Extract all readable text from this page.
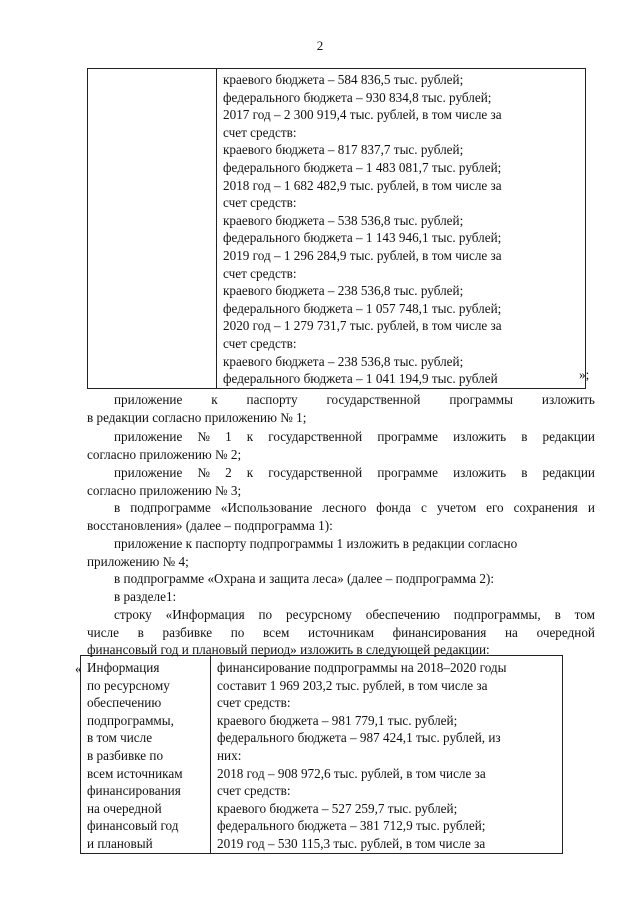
2

краевого бюджета – 584 836,5 тыс. рублей;
федерального бюджета – 930 834,8 тыс. рублей;
2017 год – 2 300 919,4 тыс. рублей, в том числе за
счет средств:
краевого бюджета – 817 837,7 тыс. рублей;
федерального бюджета – 1 483 081,7 тыс. рублей;
2018 год – 1 682 482,9 тыс. рублей, в том числе за
счет средств:
краевого бюджета – 538 536,8 тыс. рублей;
федерального бюджета – 1 143 946,1 тыс. рублей;
2019 год – 1 296 284,9 тыс. рублей, в том числе за
счет средств:
краевого бюджета – 238 536,8 тыс. рублей;
федерального бюджета – 1 057 748,1 тыс. рублей;
2020 год – 1 279 731,7 тыс. рублей, в том числе за
счет средств:
краевого бюджета – 238 536,8 тыс. рублей;
федерального бюджета – 1 041 194,9 тыс. рублей	»;
приложение к паспорту государственной программы изложить
в редакции согласно приложению № 1;
приложение № 1 к государственной программе изложить в редакции
согласно приложению № 2;
приложение № 2 к государственной программе изложить в редакции
согласно приложению № 3;
в подпрограмме «Использование лесного фонда с учетом его сохранения и
восстановления» (далее – подпрограмма 1):
приложение к паспорту подпрограммы 1 изложить в редакции согласно
приложению № 4;
в подпрограмме «Охрана и защита леса» (далее – подпрограмма 2):
в разделе1:
строку «Информация по ресурсному обеспечению подпрограммы, в том
числе в разбивке по всем источникам финансирования на очередной
финансовый год и плановый период» изложить в следующей редакции:
« Информация
по ресурсному
обеспечению
подпрограммы,
в том числе
в разбивке по
всем источникам
финансирования
на очередной
финансовый год
и плановый

финансирование подпрограммы на 2018–2020 годы
составит 1 969 203,2 тыс. рублей, в том числе за
счет средств:
краевого бюджета – 981 779,1 тыс. рублей;
федерального бюджета – 987 424,1 тыс. рублей, из
них:
2018 год – 908 972,6 тыс. рублей, в том числе за
счет средств:
краевого бюджета – 527 259,7 тыс. рублей;
федерального бюджета – 381 712,9 тыс. рублей;
2019 год – 530 115,3 тыс. рублей, в том числе за
